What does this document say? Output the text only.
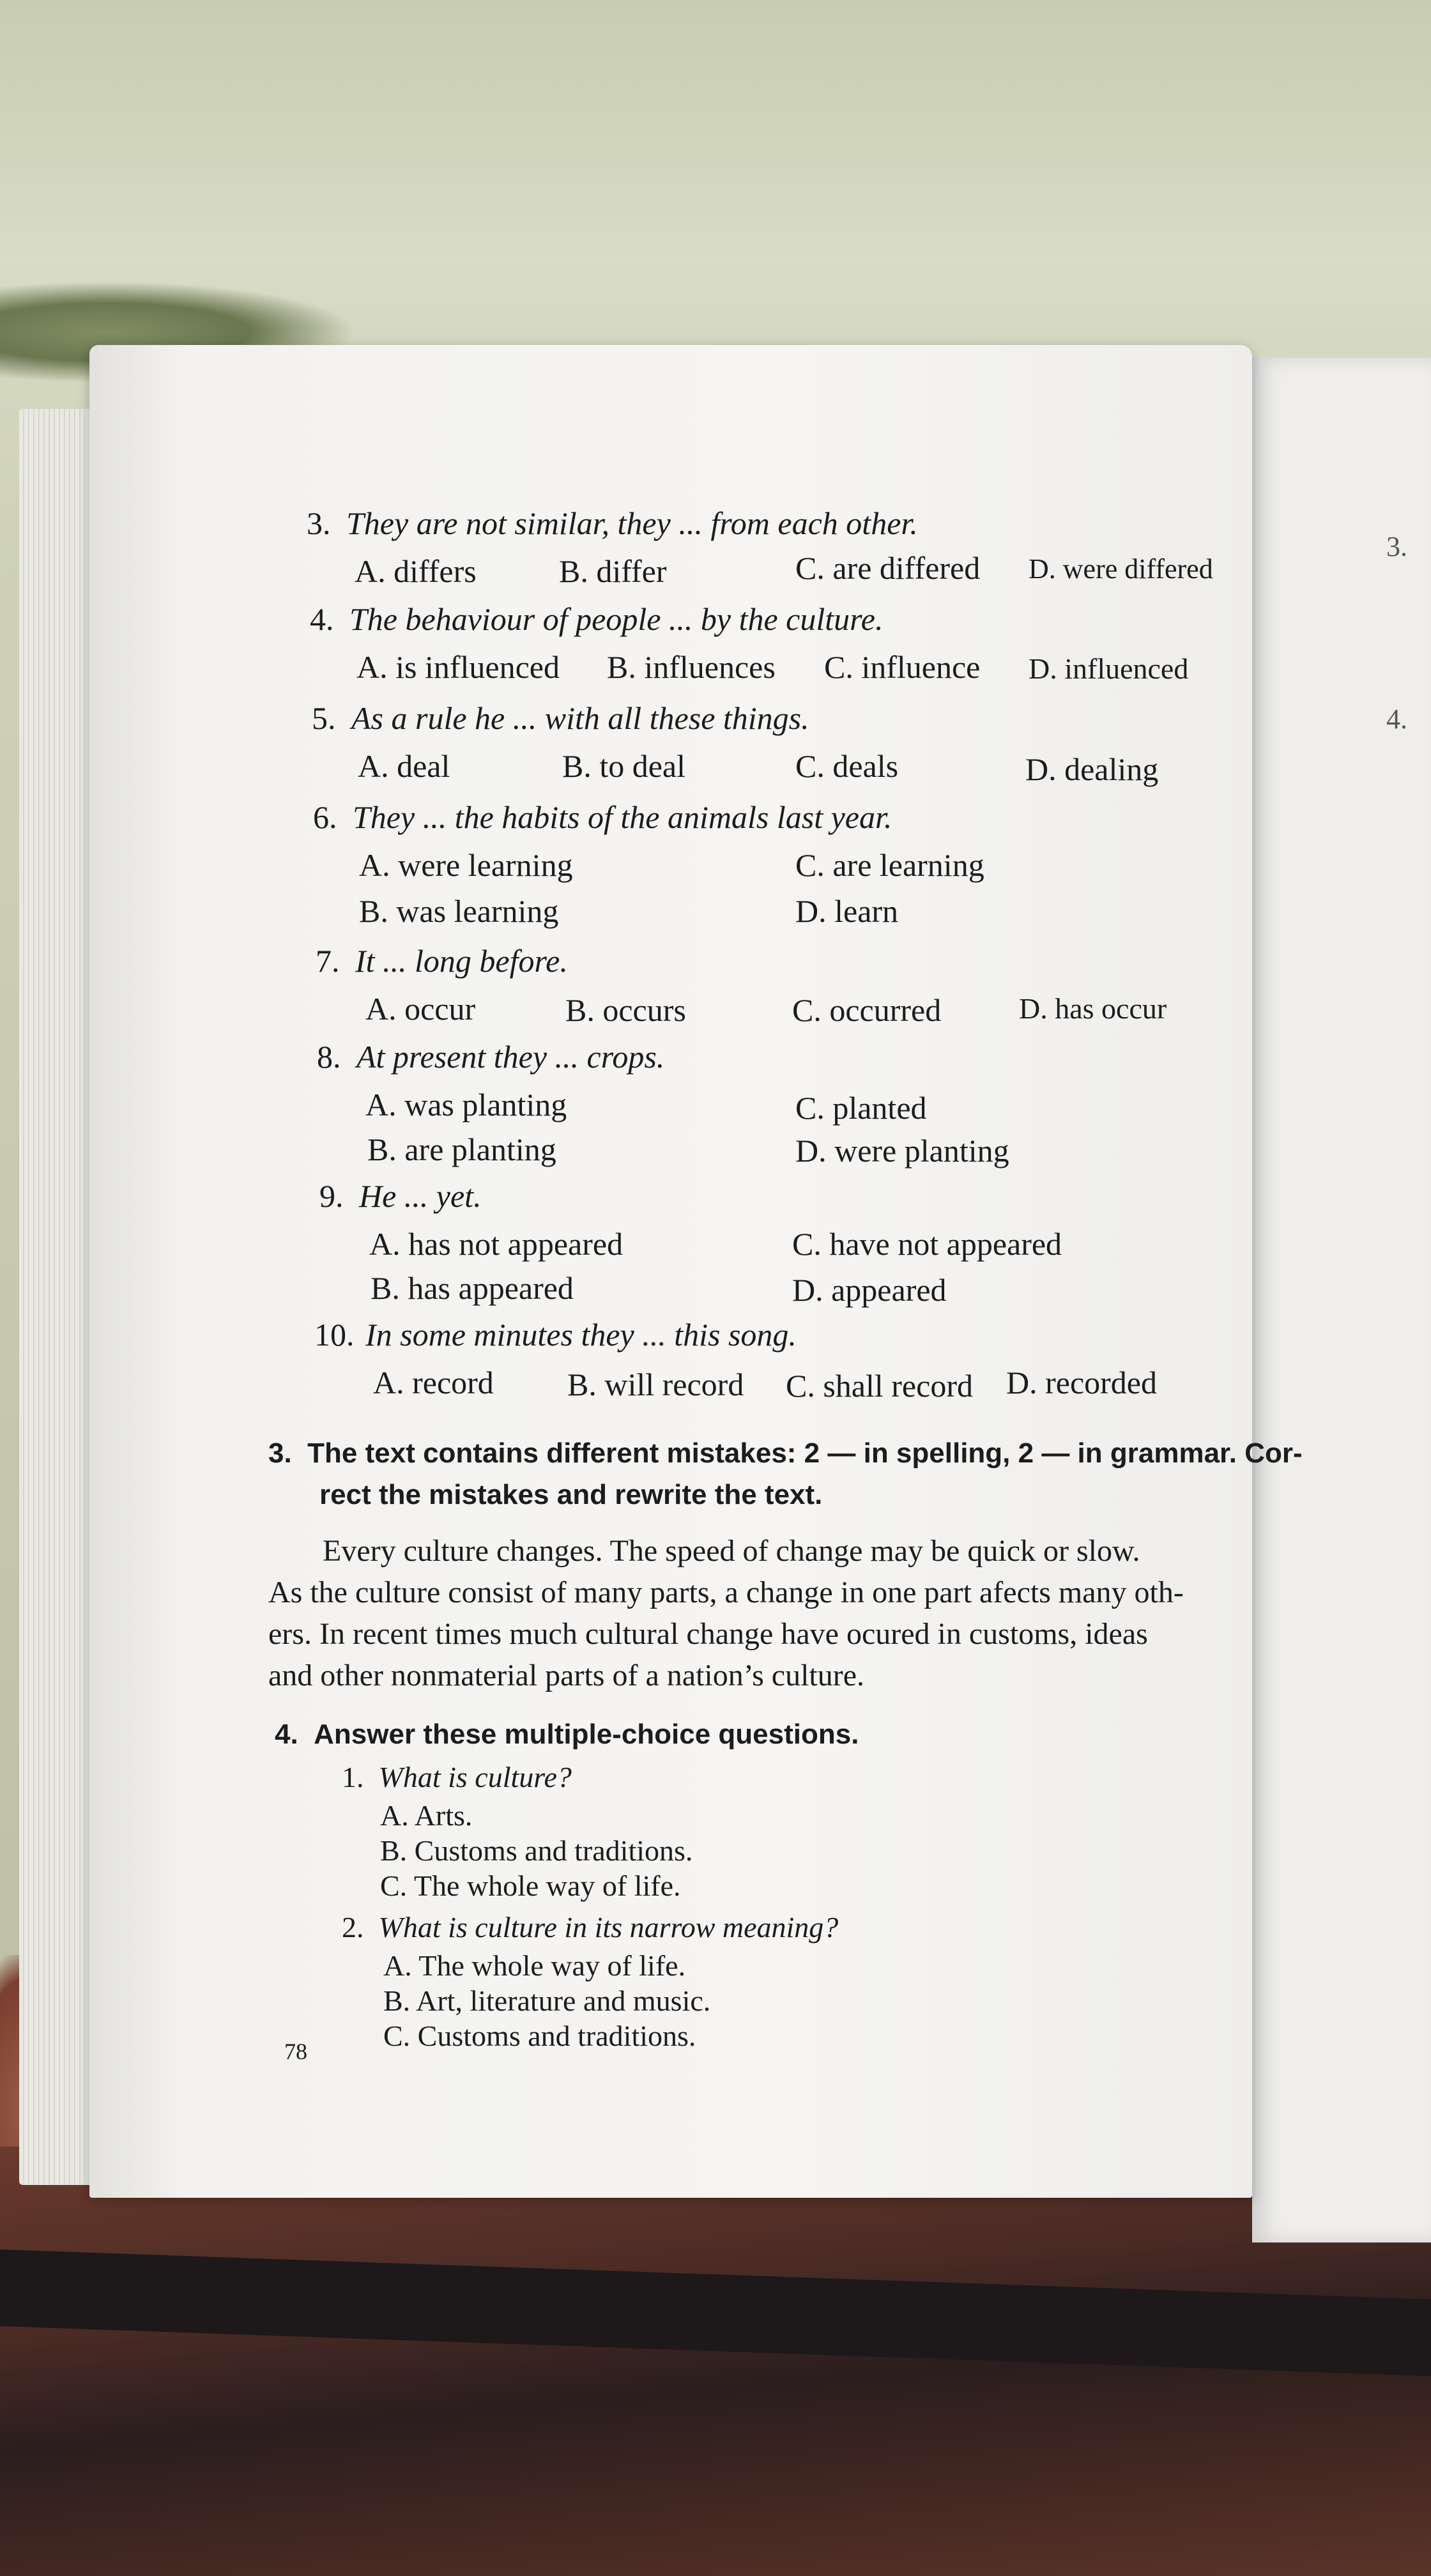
3.
4.
3. They are not similar, they ... from each other.
A. differs	B. differ	C. are differed D. were differed
4. The behaviour of people ... by the culture.
A. is influenced B. influences C. influence D. influenced
5. As a rule he ... with all these things.
A. deal	B. to deal	C. deals	D. dealing
6. They ... the habits of the animals last year.
A. were learning	C. are learning
B. was learning	D. learn
7. It ... long before.
A. occur	B. occurs	C. occurred	D. has occur
8. At present they ... crops.
A. was planting	C. planted
B. are planting	D. were planting
9. He ... yet.
A. has not appeared	C. have not appeared
B. has appeared	D. appeared
10. In some minutes they ... this song.
A. record B. will record C. shall record D. recorded
3. The text contains different mistakes: 2 — in spelling, 2 — in grammar. Cor-
rect the mistakes and rewrite the text.
Every culture changes. The speed of change may be quick or slow.
As the culture consist of many parts, a change in one part afects many oth-
ers. In recent times much cultural change have ocured in customs, ideas
and other nonmaterial parts of a nation’s culture.
4. Answer these multiple-choice questions.
1. What is culture?
A. Arts.
B. Customs and traditions.
C. The whole way of life.
2. What is culture in its narrow meaning?
A. The whole way of life.
B. Art, literature and music.
C. Customs and traditions.
78
